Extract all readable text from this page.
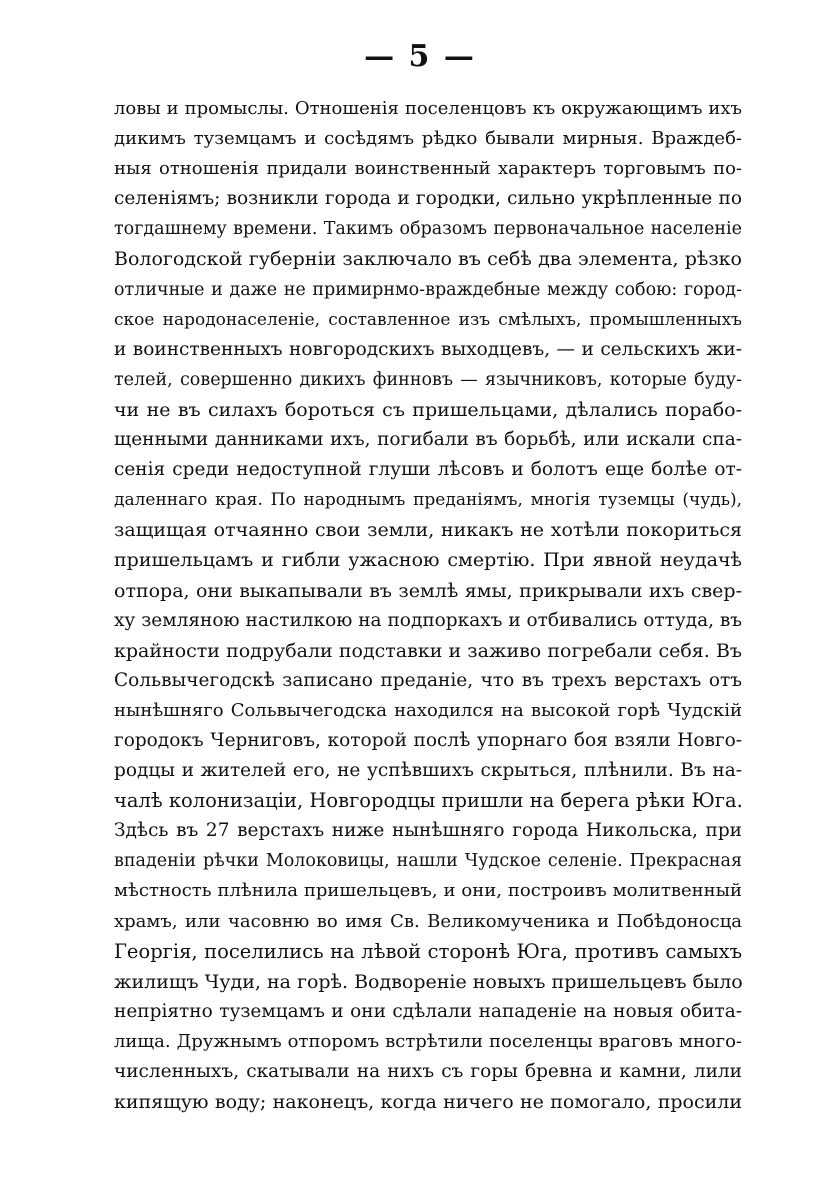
— 5 —
ловы и промыслы. Отношенія поселенцовъ къ окружающимъ ихъ
дикимъ туземцамъ и сосѣдямъ рѣдко бывали мирныя. Враждеб-
ныя отношенія придали воинственный характеръ торговымъ по-
селеніямъ; возникли города и городки, сильно укрѣпленные по
тогдашнему времени. Такимъ образомъ первоначальное населеніе
Вологодской губерніи заключало въ себѣ два элемента, рѣзко
отличные и даже не примирнмо-враждебные между собою: город-
ское народонаселеніе, составленное изъ смѣлыхъ, промышленныхъ
и воинственныхъ новгородскихъ выходцевъ, — и сельскихъ жи-
телей, совершенно дикихъ финновъ — язычниковъ, которые буду-
чи не въ силахъ бороться съ пришельцами, дѣлались порабо-
щенными данниками ихъ, погибали въ борьбѣ, или искали спа-
сенія среди недоступной глуши лѣсовъ и болотъ еще болѣе от-
даленнаго края. По народнымъ преданіямъ, многія туземцы (чудь),
защищая отчаянно свои земли, никакъ не хотѣли покориться
пришельцамъ и гибли ужасною смертію. При явной неудачѣ
отпора, они выкапывали въ землѣ ямы, прикрывали ихъ свер-
ху земляною настилкою на подпоркахъ и отбивались оттуда, въ
крайности подрубали подставки и заживо погребали себя. Въ
Сольвычегодскѣ записано преданіе, что въ трехъ верстахъ отъ
нынѣшняго Сольвычегодска находился на высокой горѣ Чудскій
городокъ Черниговъ, которой послѣ упорнаго боя взяли Новго-
родцы и жителей его, не успѣвшихъ скрыться, плѣнили. Въ на-
чалѣ колонизаціи, Новгородцы пришли на берега рѣки Юга.
Здѣсь въ 27 верстахъ ниже нынѣшняго города Никольска, при
впаденіи рѣчки Молоковицы, нашли Чудское селеніе. Прекрасная
мѣстность плѣнила пришельцевъ, и они, построивъ молитвенный
храмъ, или часовню во имя Св. Великомученика и Побѣдоносца
Георгія, поселились на лѣвой сторонѣ Юга, противъ самыхъ
жилищъ Чуди, на горѣ. Водвореніе новыхъ пришельцевъ было
непріятно туземцамъ и они сдѣлали нападеніе на новыя обита-
лища. Дружнымъ отпоромъ встрѣтили поселенцы враговъ много-
численныхъ, скатывали на нихъ съ горы бревна и камни, лили
кипящую воду; наконецъ, когда ничего не помогало, просили
